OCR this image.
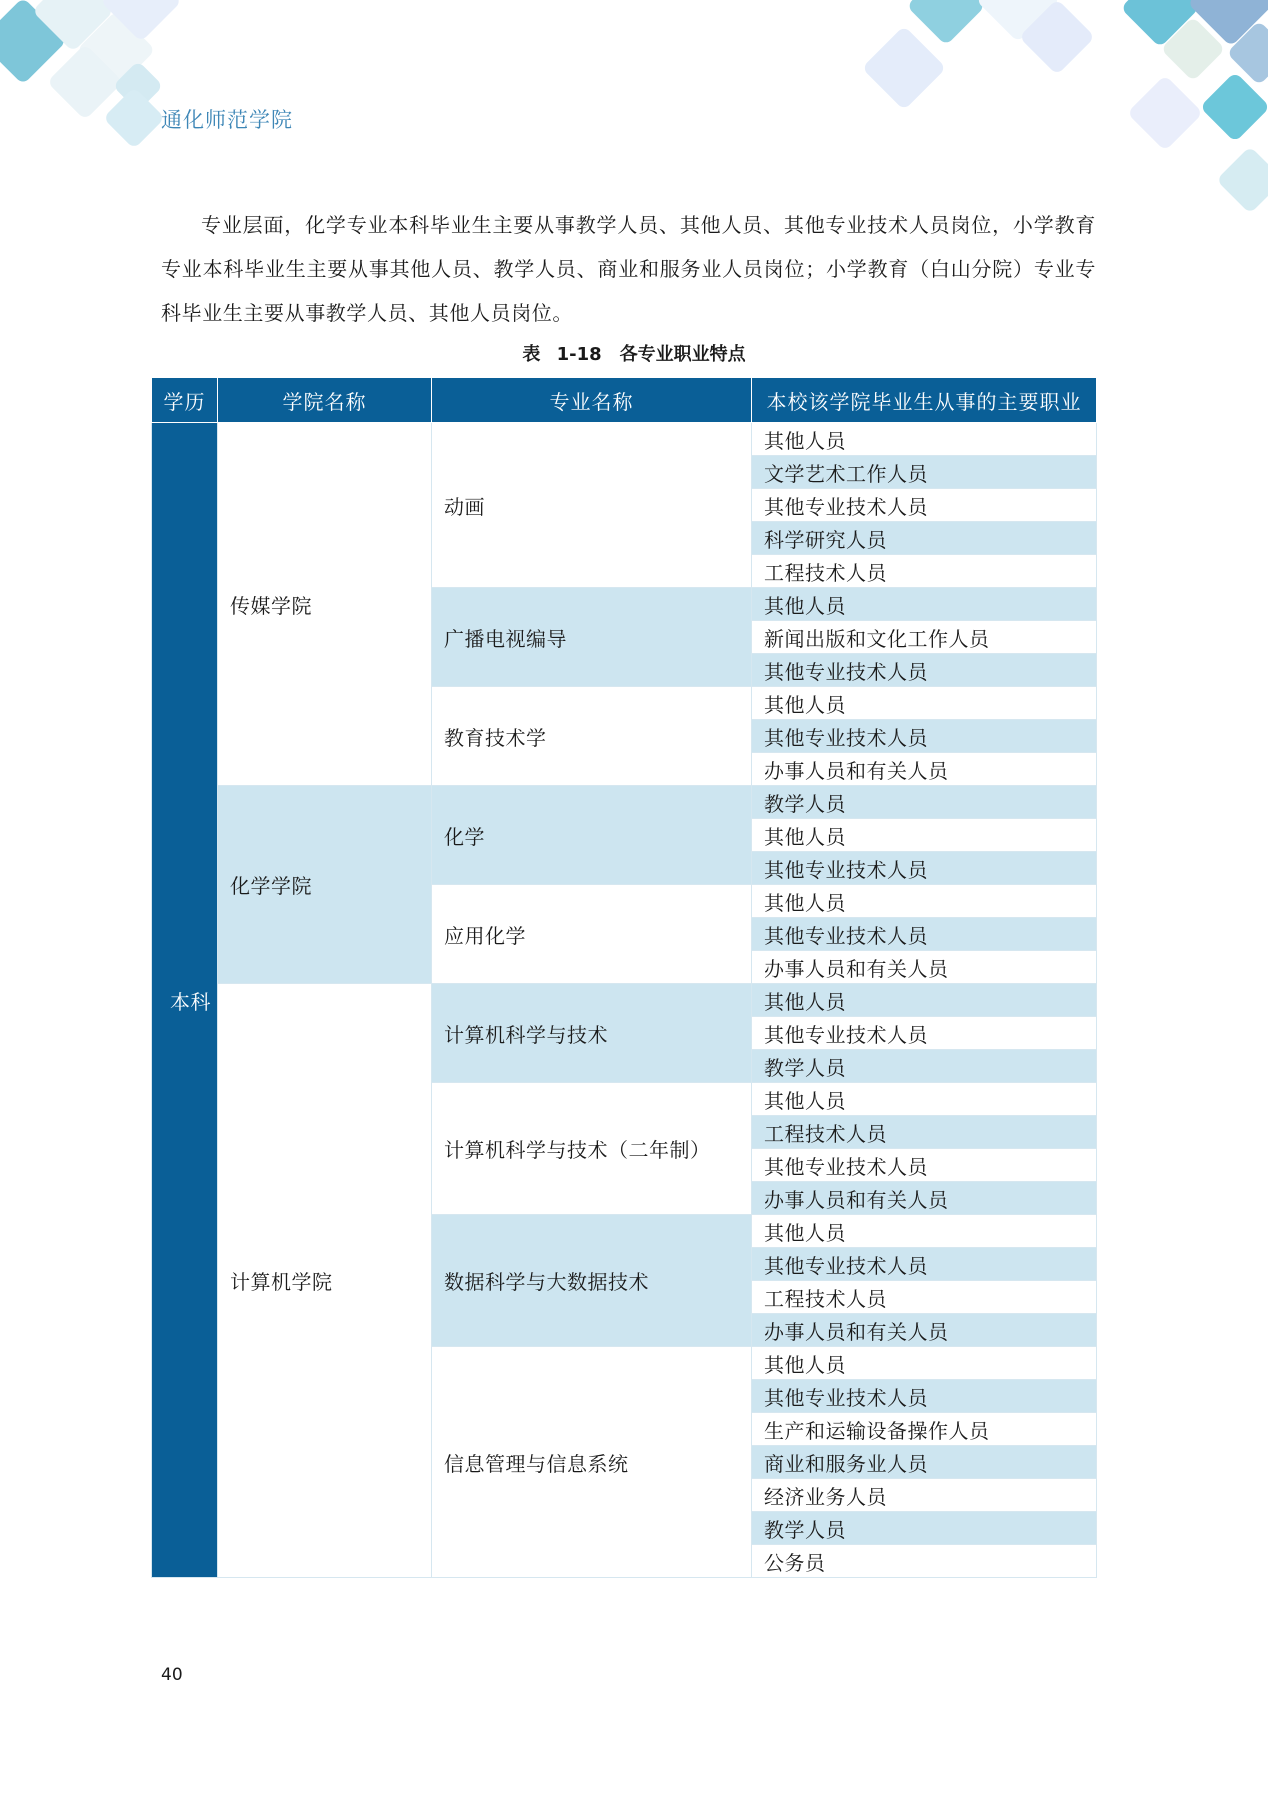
通化师范学院

专业层面，化学专业本科毕业生主要从事教学人员、其他人员、其他专业技术人员岗位，小学教育专业本科毕业生主要从事其他人员、教学人员、商业和服务业人员岗位；小学教育（白山分院）专业专科毕业生主要从事教学人员、其他人员岗位。

表 1-18　各专业职业特点
学历	学院名称	专业名称	本校该学院毕业生从事的主要职业
本科	传媒学院	动画	其他人员
			文学艺术工作人员
			其他专业技术人员
			科学研究人员
			工程技术人员
		广播电视编导	其他人员
			新闻出版和文化工作人员
			其他专业技术人员
		教育技术学	其他人员
			其他专业技术人员
			办事人员和有关人员
	化学学院	化学	教学人员
			其他人员
			其他专业技术人员
		应用化学	其他人员
			其他专业技术人员
			办事人员和有关人员
	计算机学院	计算机科学与技术	其他人员
			其他专业技术人员
			教学人员
		计算机科学与技术（二年制）	其他人员
			工程技术人员
			其他专业技术人员
			办事人员和有关人员
		数据科学与大数据技术	其他人员
			其他专业技术人员
			工程技术人员
			办事人员和有关人员
		信息管理与信息系统	其他人员
			其他专业技术人员
			生产和运输设备操作人员
			商业和服务业人员
			经济业务人员
			教学人员
			公务员
40
